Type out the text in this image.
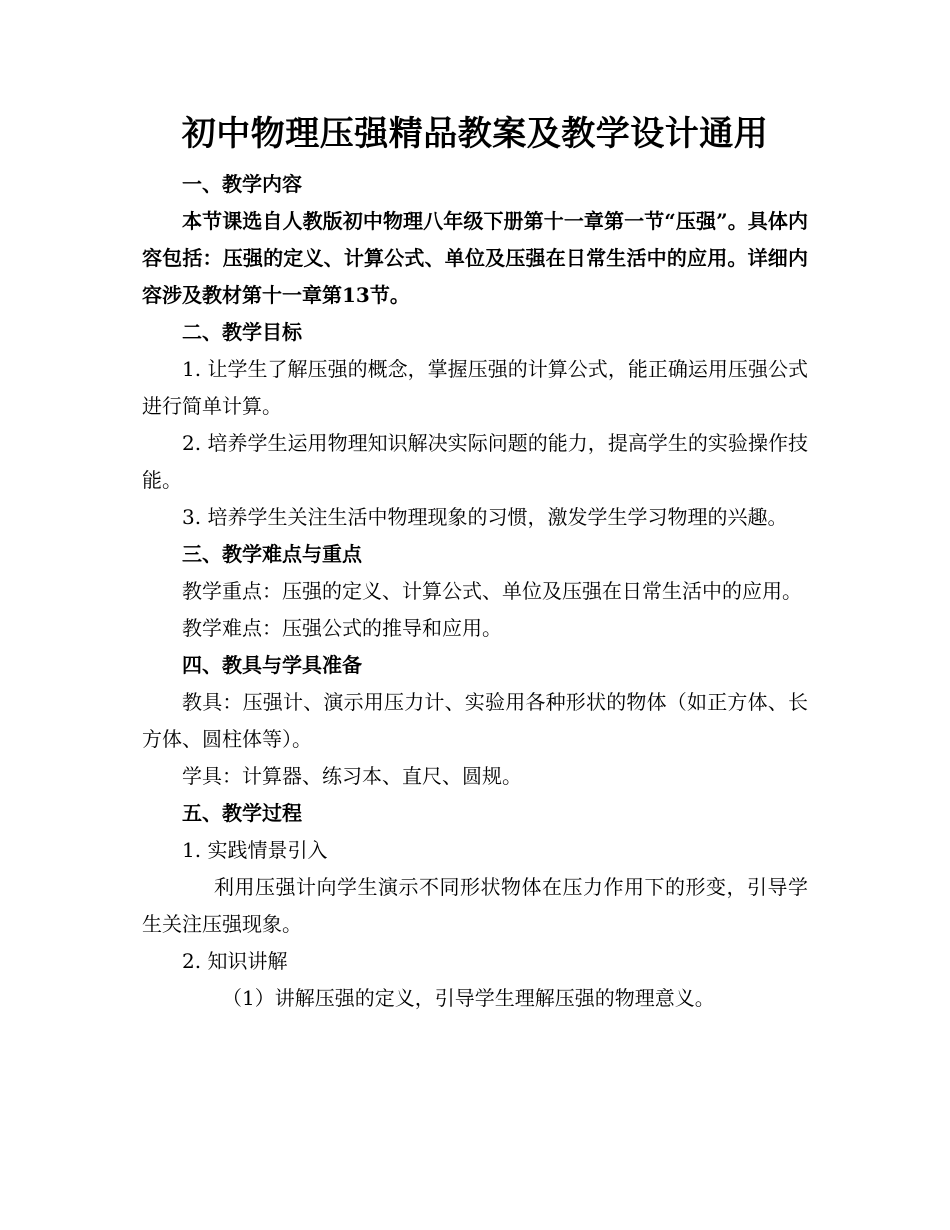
初中物理压强精品教案及教学设计通用

一、教学内容

本节课选自人教版初中物理八年级下册第十一章第一节“压强”。具体内容包括：压强的定义、计算公式、单位及压强在日常生活中的应用。详细内容涉及教材第十一章第13节。

二、教学目标

1. 让学生了解压强的概念，掌握压强的计算公式，能正确运用压强公式进行简单计算。

2. 培养学生运用物理知识解决实际问题的能力，提高学生的实验操作技能。

3. 培养学生关注生活中物理现象的习惯，激发学生学习物理的兴趣。

三、教学难点与重点

教学重点：压强的定义、计算公式、单位及压强在日常生活中的应用。

教学难点：压强公式的推导和应用。

四、教具与学具准备

教具：压强计、演示用压力计、实验用各种形状的物体（如正方体、长方体、圆柱体等）。

学具：计算器、练习本、直尺、圆规。

五、教学过程

1. 实践情景引入

利用压强计向学生演示不同形状物体在压力作用下的形变，引导学生关注压强现象。

2. 知识讲解

（1）讲解压强的定义，引导学生理解压强的物理意义。
